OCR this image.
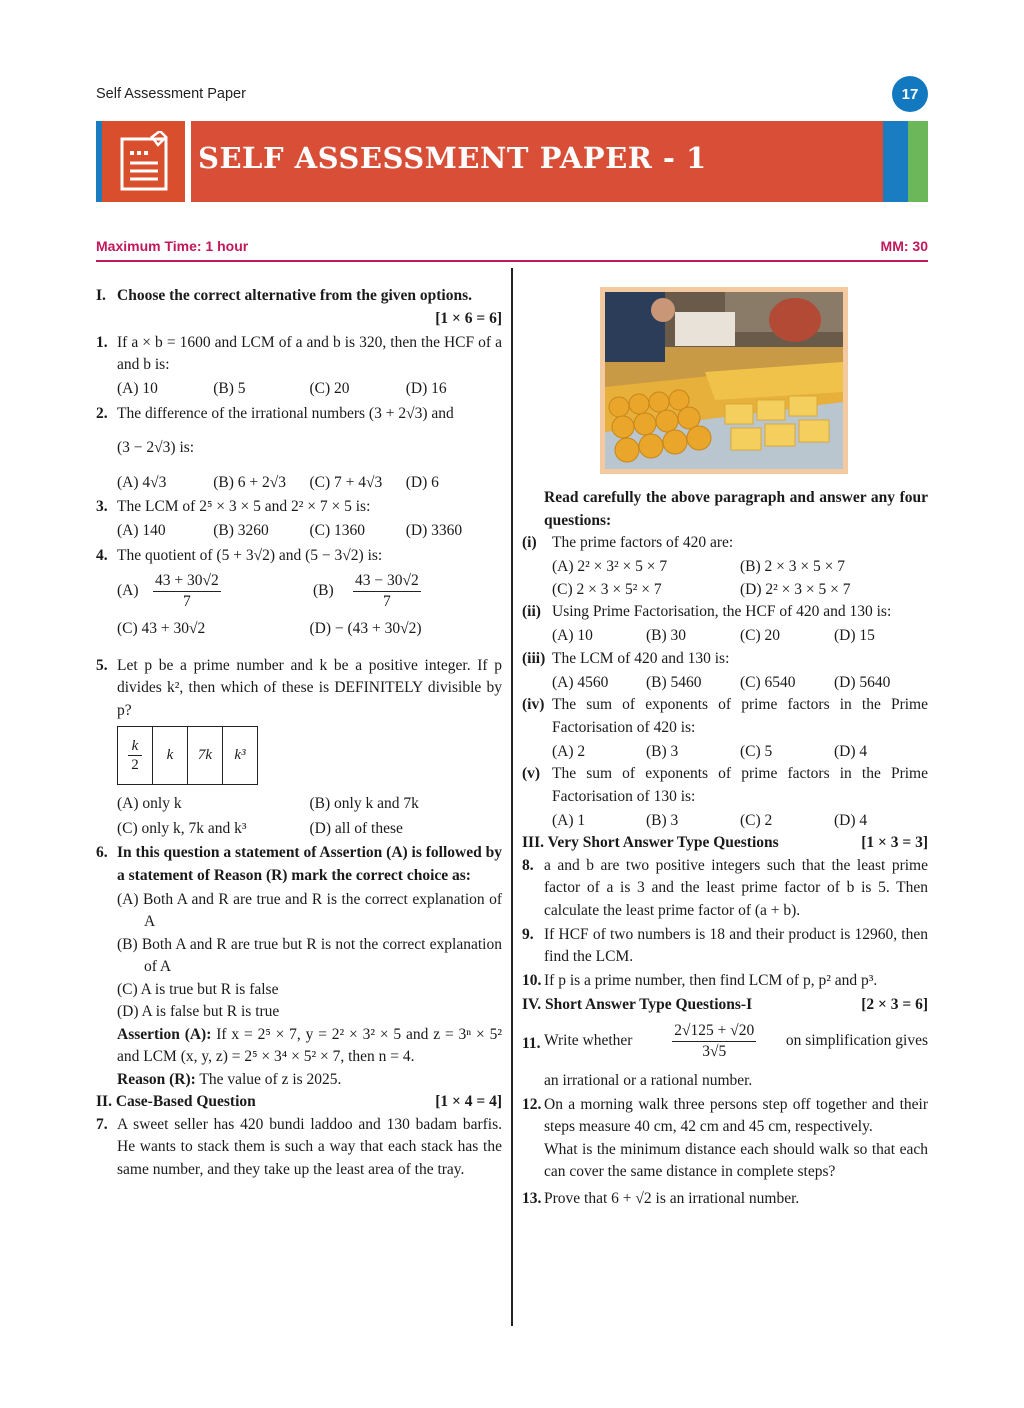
Self Assessment Paper	17
SELF ASSESSMENT PAPER - 1
Maximum Time: 1 hour	MM: 30
I. Choose the correct alternative from the given options.
[1 × 6 = 6]
1. If a × b = 1600 and LCM of a and b is 320, then the HCF of a and b is:
(A) 10	(B) 5	(C) 20	(D) 16
2. The difference of the irrational numbers (3 + 2√3) and
(3 − 2√3) is:
(A) 4√3	(B) 6 + 2√3	(C) 7 + 4√3	(D) 6
3. The LCM of 2⁵ × 3 × 5 and 2² × 7 × 5 is:
(A) 140	(B) 3260	(C) 1360	(D) 3360
4. The quotient of (5 + 3√2) and (5 − 3√2) is:
$(A) \frac{43 + 30√2}{7} (B)$	$\frac{43 - 30√2}{7}$
(C) 43 + 30√2	(D) − (43 + 30√2)
5. Let p be a prime number and k be a positive integer. If p divides k², then which of these is DEFINITELY divisible by p?
k
2
	k	7k	k³
(A) only k	(B) only k and 7k
(C) only k, 7k and k³	(D) all of these
6. In this question a statement of Assertion (A) is followed by a statement of Reason (R) mark the correct choice as:
(A) Both A and R are true and R is the correct explanation of A
(B) Both A and R are true but R is not the correct explanation of A
(C) A is true but R is false
(D) A is false but R is true
Assertion (A): If x = 2⁵ × 7, y = 2² × 3² × 5 and z = 3ⁿ × 5² and LCM (x, y, z) = 2⁵ × 3⁴ × 5² × 7, then n = 4.
Reason (R): The value of z is 2025.
II. Case-Based Question	[1 × 4 = 4]
7. A sweet seller has 420 bundi laddoo and 130 badam barfis. He wants to stack them is such a way that each stack has the same number, and they take up the least area of the tray.
Read carefully the above paragraph and answer any four questions:
(i) The prime factors of 420 are:
(A) 2² × 3² × 5 × 7	(B) 2 × 3 × 5 × 7
(C) 2 × 3 × 5² × 7	(D) 2² × 3 × 5 × 7
(ii) Using Prime Factorisation, the HCF of 420 and 130 is:
(A) 10	(B) 30	(C) 20	(D) 15
(iii) The LCM of 420 and 130 is:
(A) 4560	(B) 5460	(C) 6540	(D) 5640
(iv) The sum of exponents of prime factors in the Prime Factorisation of 420 is:
(A) 2	(B) 3	(C) 5	(D) 4
(v) The sum of exponents of prime factors in the Prime Factorisation of 130 is:
(A) 1	(B) 3	(C) 2	(D) 4
III. Very Short Answer Type Questions	[1 × 3 = 3]
8. a and b are two positive integers such that the least prime factor of a is 3 and the least prime factor of b is 5. Then calculate the least prime factor of (a + b).
9. If HCF of two numbers is 18 and their product is 12960, then find the LCM.
10. If p is a prime number, then find LCM of p, p² and p³.
IV. Short Answer Type Questions-I	[2 × 3 = 6]
11. Write whether	$\frac{2√125 + √20}{3√5}$ on simplification gives
an irrational or a rational number.
12. On a morning walk three persons step off together and their steps measure 40 cm, 42 cm and 45 cm, respectively.
What is the minimum distance each should walk so that each can cover the same distance in complete steps?
13. Prove that 6 + √2 is an irrational number.
